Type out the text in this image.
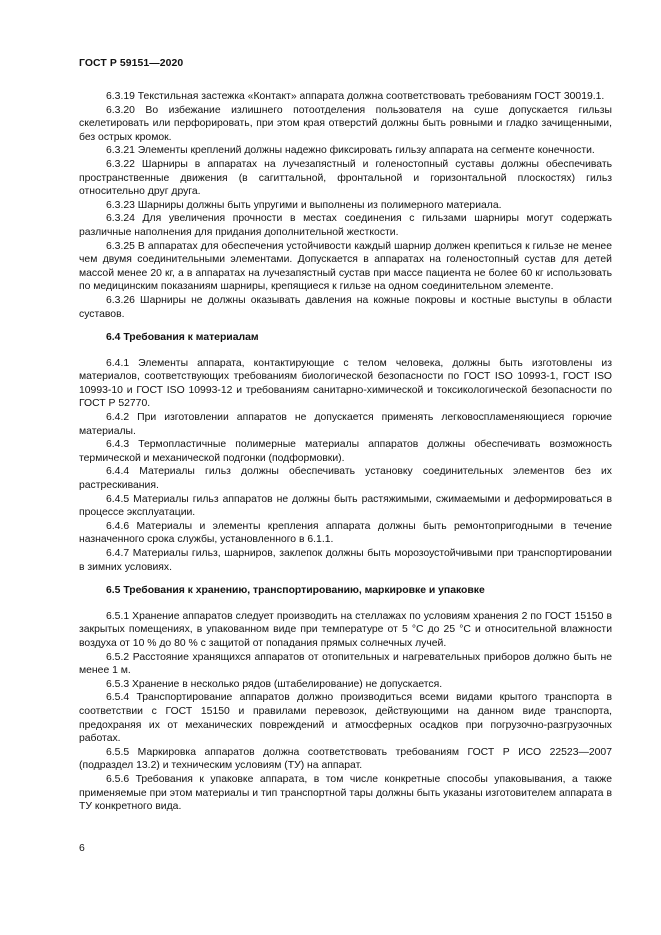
ГОСТ Р 59151—2020

6.3.19 Текстильная застежка «Контакт» аппарата должна соответствовать требованиям ГОСТ 30019.1.

6.3.20 Во избежание излишнего потоотделения пользователя на суше допускается гильзы скелетировать или перфорировать, при этом края отверстий должны быть ровными и гладко зачищенными, без острых кромок.

6.3.21 Элементы креплений должны надежно фиксировать гильзу аппарата на сегменте конечности.

6.3.22 Шарниры в аппаратах на лучезапястный и голеностопный суставы должны обеспечивать пространственные движения (в сагиттальной, фронтальной и горизонтальной плоскостях) гильз относительно друг друга.

6.3.23 Шарниры должны быть упругими и выполнены из полимерного материала.

6.3.24 Для увеличения прочности в местах соединения с гильзами шарниры могут содержать различные наполнения для придания дополнительной жесткости.

6.3.25 В аппаратах для обеспечения устойчивости каждый шарнир должен крепиться к гильзе не менее чем двумя соединительными элементами. Допускается в аппаратах на голеностопный сустав для детей массой менее 20 кг, а в аппаратах на лучезапястный сустав при массе пациента не более 60 кг использовать по медицинским показаниям шарниры, крепящиеся к гильзе на одном соединительном элементе.

6.3.26 Шарниры не должны оказывать давления на кожные покровы и костные выступы в области суставов.

6.4 Требования к материалам

6.4.1 Элементы аппарата, контактирующие с телом человека, должны быть изготовлены из материалов, соответствующих требованиям биологической безопасности по ГОСТ ISO 10993-1, ГОСТ ISO 10993-10 и ГОСТ ISO 10993-12 и требованиям санитарно-химической и токсикологической безопасности по ГОСТ Р 52770.

6.4.2 При изготовлении аппаратов не допускается применять легковоспламеняющиеся горючие материалы.

6.4.3 Термопластичные полимерные материалы аппаратов должны обеспечивать возможность термической и механической подгонки (подформовки).

6.4.4 Материалы гильз должны обеспечивать установку соединительных элементов без их растрескивания.

6.4.5 Материалы гильз аппаратов не должны быть растяжимыми, сжимаемыми и деформироваться в процессе эксплуатации.

6.4.6 Материалы и элементы крепления аппарата должны быть ремонтопригодными в течение назначенного срока службы, установленного в 6.1.1.

6.4.7 Материалы гильз, шарниров, заклепок должны быть морозоустойчивыми при транспортировании в зимних условиях.

6.5 Требования к хранению, транспортированию, маркировке и упаковке

6.5.1 Хранение аппаратов следует производить на стеллажах по условиям хранения 2 по ГОСТ 15150 в закрытых помещениях, в упакованном виде при температуре от 5 °С до 25 °С и относительной влажности воздуха от 10 % до 80 % с защитой от попадания прямых солнечных лучей.

6.5.2 Расстояние хранящихся аппаратов от отопительных и нагревательных приборов должно быть не менее 1 м.

6.5.3 Хранение в несколько рядов (штабелирование) не допускается.

6.5.4 Транспортирование аппаратов должно производиться всеми видами крытого транспорта в соответствии с ГОСТ 15150 и правилами перевозок, действующими на данном виде транспорта, предохраняя их от механических повреждений и атмосферных осадков при погрузочно-разгрузочных работах.

6.5.5 Маркировка аппаратов должна соответствовать требованиям ГОСТ Р ИСО 22523—2007 (подраздел 13.2) и техническим условиям (ТУ) на аппарат.

6.5.6 Требования к упаковке аппарата, в том числе конкретные способы упаковывания, а также применяемые при этом материалы и тип транспортной тары должны быть указаны изготовителем аппарата в ТУ конкретного вида.

6
